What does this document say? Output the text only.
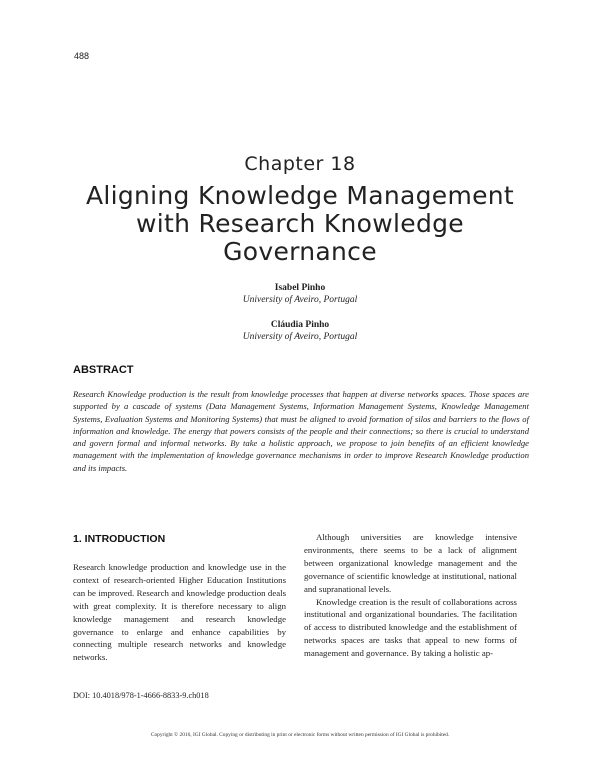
488
Chapter 18
Aligning Knowledge Management with Research Knowledge Governance
Isabel Pinho
University of Aveiro, Portugal
Cláudia Pinho
University of Aveiro, Portugal
ABSTRACT

Research Knowledge production is the result from knowledge processes that happen at diverse networks spaces. Those spaces are supported by a cascade of systems (Data Management Systems, Information Management Systems, Knowledge Management Systems, Evaluation Systems and Monitoring Systems) that must be aligned to avoid formation of silos and barriers to the flows of information and knowledge. The energy that powers consists of the people and their connections; so there is crucial to understand and govern formal and informal networks. By take a holistic approach, we propose to join benefits of an efficient knowledge management with the implementation of knowledge governance mechanisms in order to improve Research Knowledge production and its impacts.

1. INTRODUCTION

Research knowledge production and knowledge use in the context of research-oriented Higher Education Institutions can be improved. Research and knowledge production deals with great complexity. It is therefore necessary to align knowledge management and research knowledge governance to enlarge and enhance capabilities by connecting multiple research networks and knowledge networks.

Although universities are knowledge intensive environments, there seems to be a lack of alignment between organizational knowledge management and the governance of scientific knowledge at institutional, national and supranational levels.

Knowledge creation is the result of collaborations across institutional and organizational boundaries. The facilitation of access to distributed knowledge and the establishment of networks spaces are tasks that appeal to new forms of management and governance. By taking a holistic ap-

DOI: 10.4018/978-1-4666-8833-9.ch018
Copyright © 2016, IGI Global. Copying or distributing in print or electronic forms without written permission of IGI Global is prohibited.
